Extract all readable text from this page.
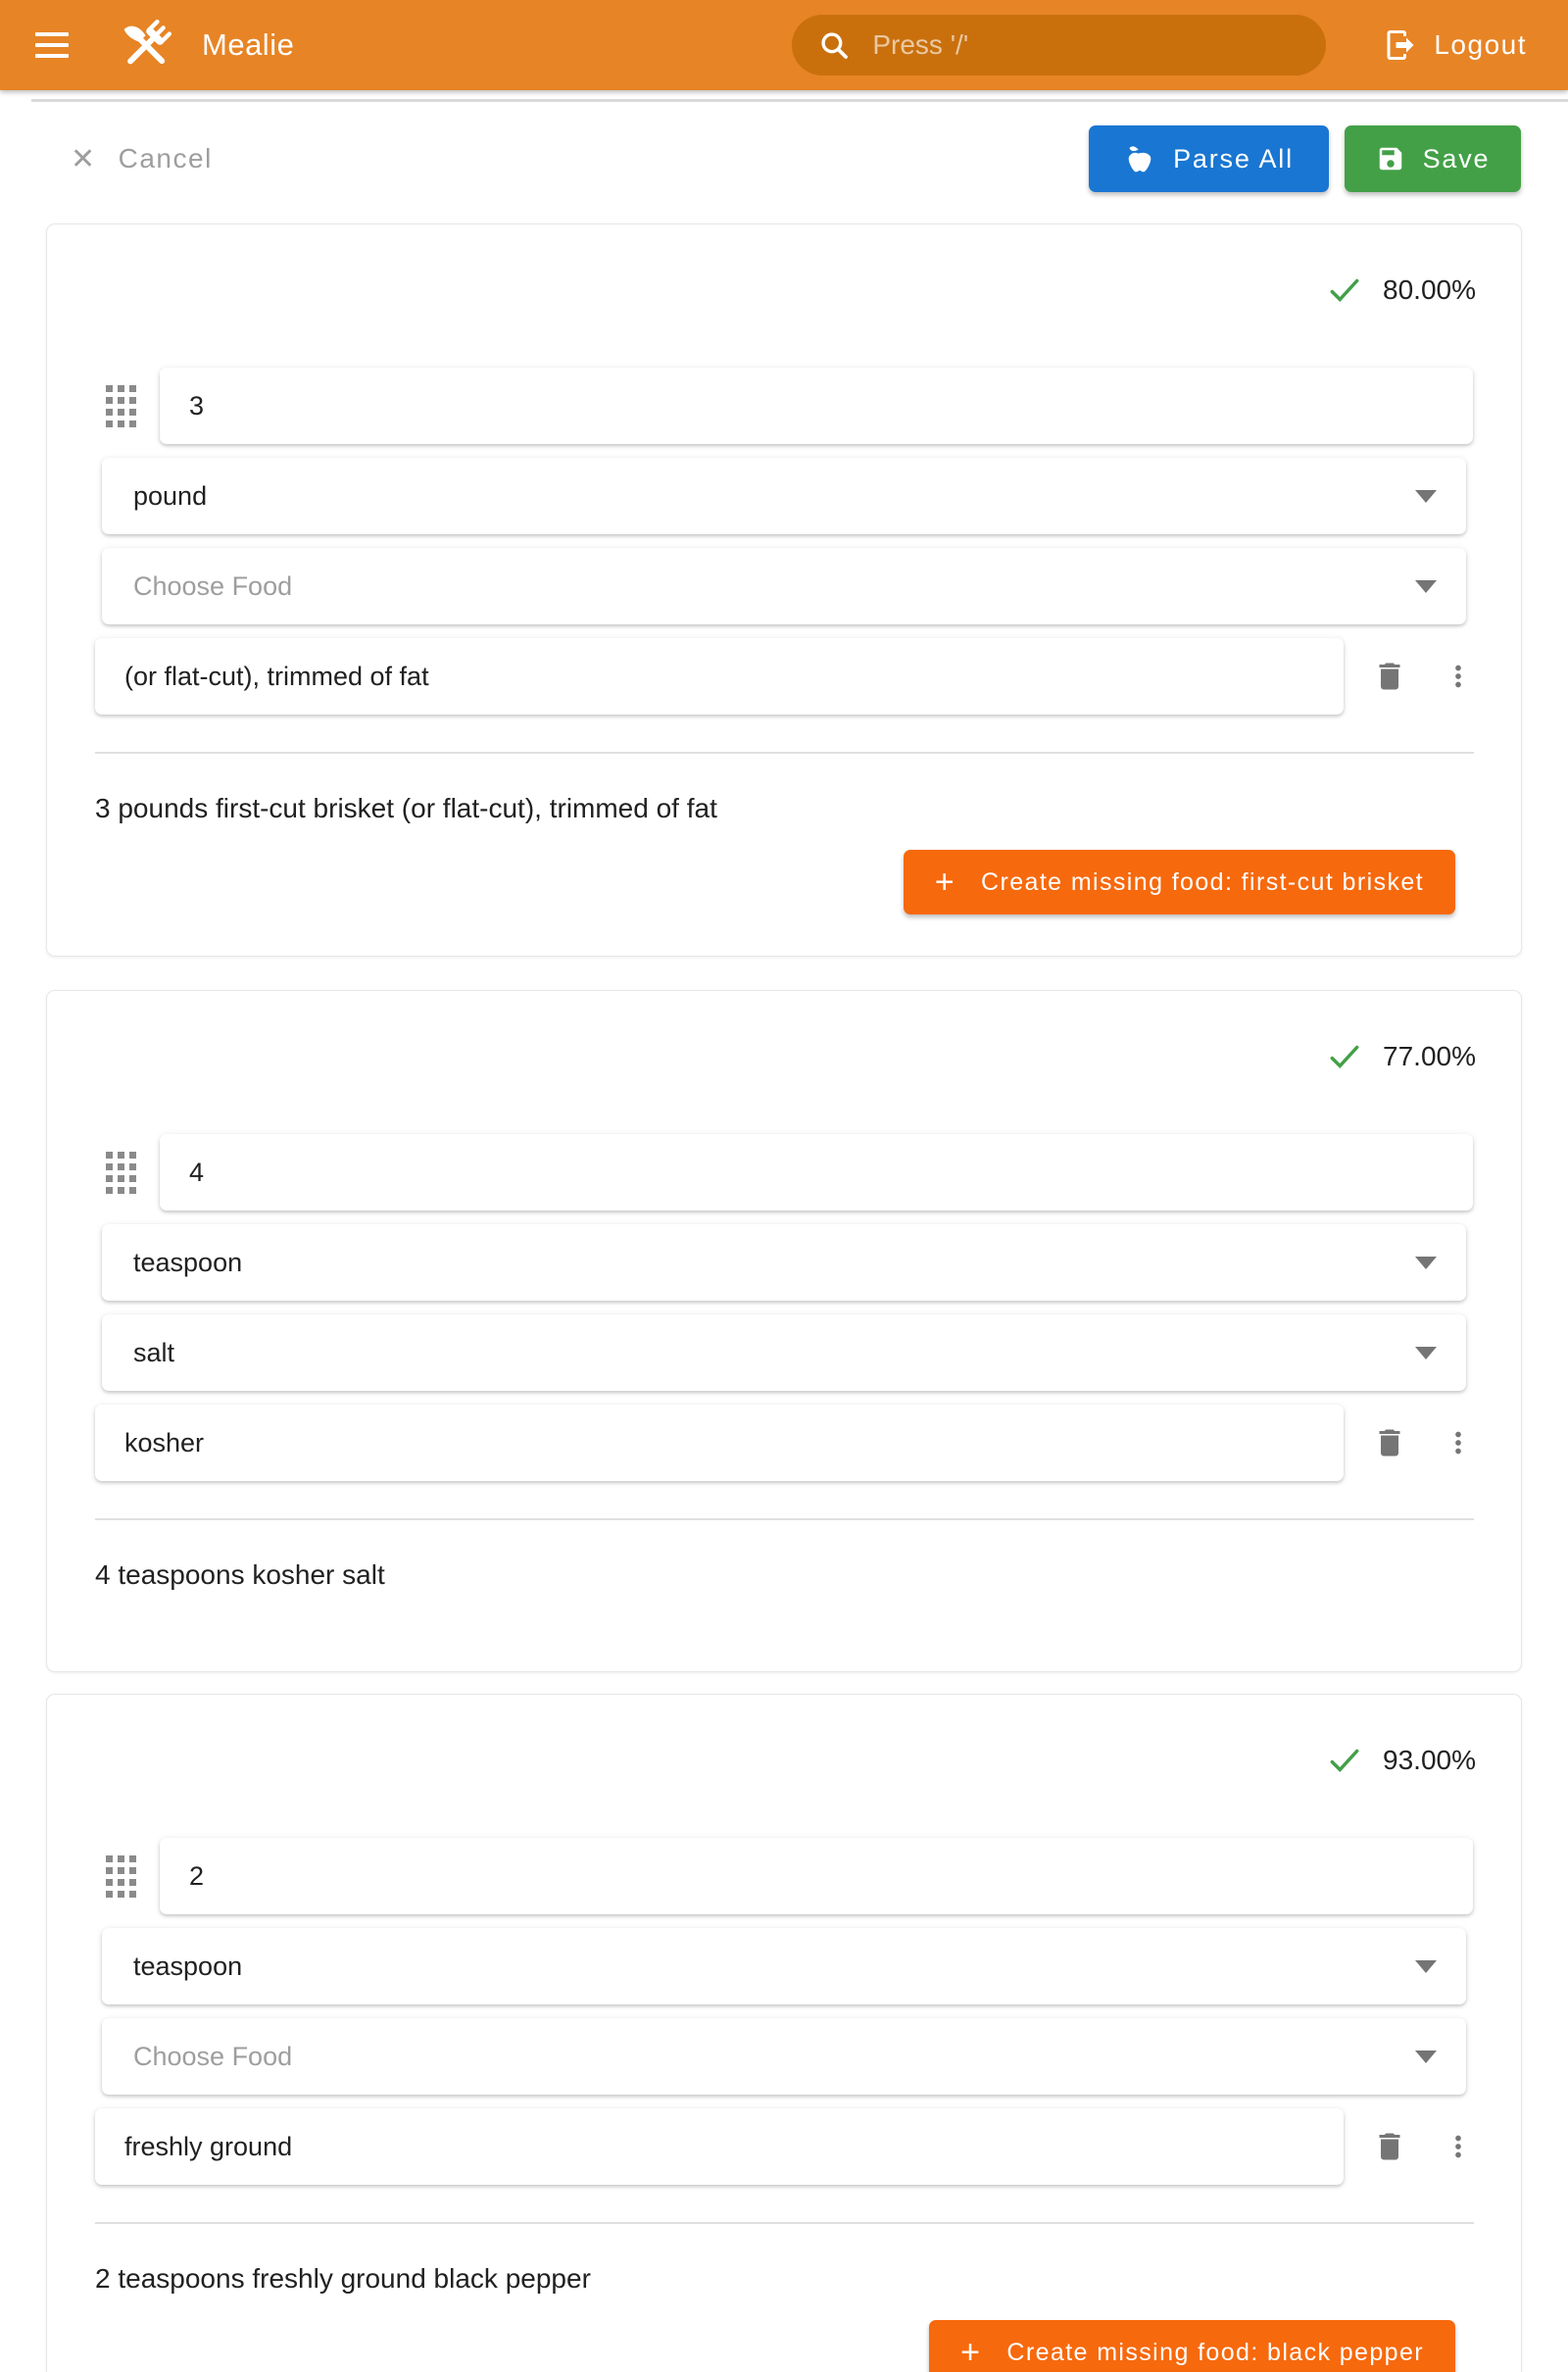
Mealie
Press '/'	Logout
✕ Cancel	Parse All	Save
80.00%
3
pound
Choose Food
(or flat-cut), trimmed of fat

3 pounds first-cut brisket (or flat-cut), trimmed of fat

+ Create missing food: first-cut brisket
77.00%
4
teaspoon
salt
kosher

4 teaspoons kosher salt

93.00%
2
teaspoon
Choose Food
freshly ground

2 teaspoons freshly ground black pepper

+ Create missing food: black pepper
